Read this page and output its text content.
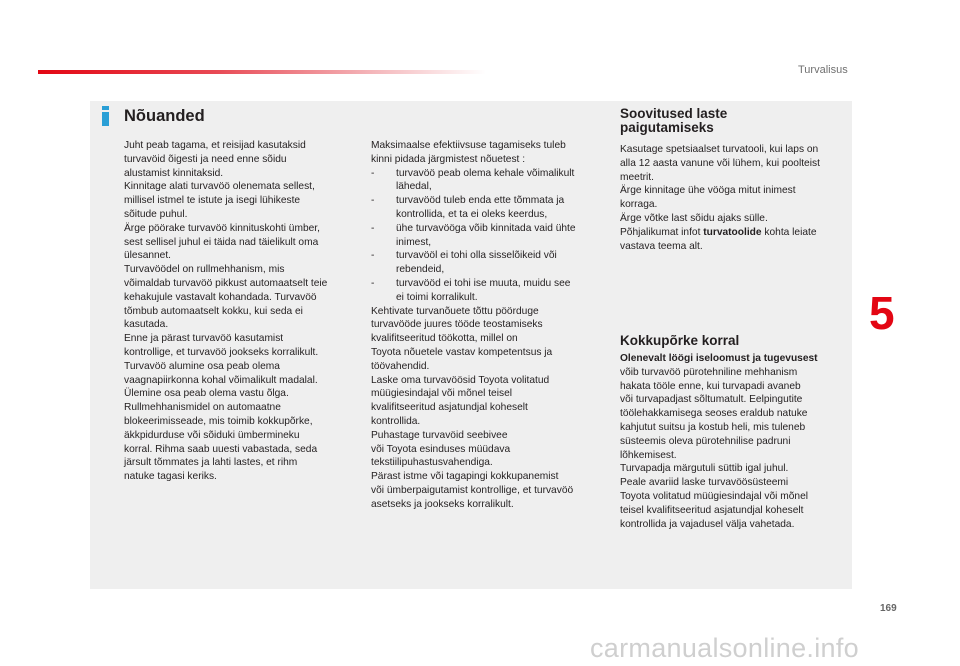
Turvalisus
Nõuanded
Juht peab tagama, et reisijad kasutaksid
turvavöid õigesti ja need enne sõidu
alustamist kinnitaksid.
Kinnitage alati turvavöö olenemata sellest,
millisel istmel te istute ja isegi lühikeste
sõitude puhul.
Ärge pöörake turvavöö kinnituskohti ümber,
sest sellisel juhul ei täida nad täielikult oma
ülesannet.
Turvavöödel on rullmehhanism, mis
võimaldab turvavöö pikkust automaatselt teie
kehakujule vastavalt kohandada. Turvavöö
tõmbub automaatselt kokku, kui seda ei
kasutada.
Enne ja pärast turvavöö kasutamist
kontrollige, et turvavöö jookseks korralikult.
Turvavöö alumine osa peab olema
vaagnapiirkonna kohal võimalikult madalal.
Ülemine osa peab olema vastu õlga.
Rullmehhanismidel on automaatne
blokeerimisseade, mis toimib kokkupõrke,
äkkpidurduse või sõiduki ümbermineku
korral. Rihma saab uuesti vabastada, seda
järsult tõmmates ja lahti lastes, et rihm
natuke tagasi keriks.
Maksimaalse efektiivsuse tagamiseks tuleb
kinni pidada järgmistest nõuetest :
-	turvavöö peab olema kehale võimalikult
lähedal,
-	turvavööd tuleb enda ette tõmmata ja
kontrollida, et ta ei oleks keerdus,
-	ühe turvavööga võib kinnitada vaid ühte
inimest,
-	turvavööl ei tohi olla sisselõikeid või
rebendeid,
-	turvavööd ei tohi ise muuta, muidu see
ei toimi korralikult.
Kehtivate turvanõuete tõttu pöörduge
turvavööde juures tööde teostamiseks
kvalifitseeritud töökotta, millel on
Toyota nõuetele vastav kompetentsus ja
töövahendid.
Laske oma turvavöösid Toyota volitatud
müügiesindajal või mõnel teisel
kvalifitseeritud asjatundjal koheselt
kontrollida.
Puhastage turvavöid seebivee
või Toyota esinduses müüdava
tekstiilipuhastusvahendiga.
Pärast istme või tagapingi kokkupanemist
või ümberpaigutamist kontrollige, et turvavöö
asetseks ja jookseks korralikult.
Soovitused laste
paigutamiseks
Kasutage spetsiaalset turvatooli, kui laps on
alla 12 aasta vanune või lühem, kui poolteist
meetrit.
Ärge kinnitage ühe vööga mitut inimest
korraga.
Ärge võtke last sõidu ajaks sülle.
Põhjalikumat infot turvatoolide kohta leiate
vastava teema alt.
Kokkupõrke korral
Olenevalt löögi iseloomust ja tugevusest
võib turvavöö pürotehniline mehhanism
hakata tööle enne, kui turvapadi avaneb
või turvapadjast sõltumatult. Eelpingutite
töölehakkamisega seoses eraldub natuke
kahjutut suitsu ja kostub heli, mis tuleneb
süsteemis oleva pürotehnilise padruni
lõhkemisest.
Turvapadja märgutuli süttib igal juhul.
Peale avariid laske turvavöösüsteemi
Toyota volitatud müügiesindajal või mõnel
teisel kvalifitseeritud asjatundjal koheselt
kontrollida ja vajadusel välja vahetada.
5
169
carmanualsonline.info
